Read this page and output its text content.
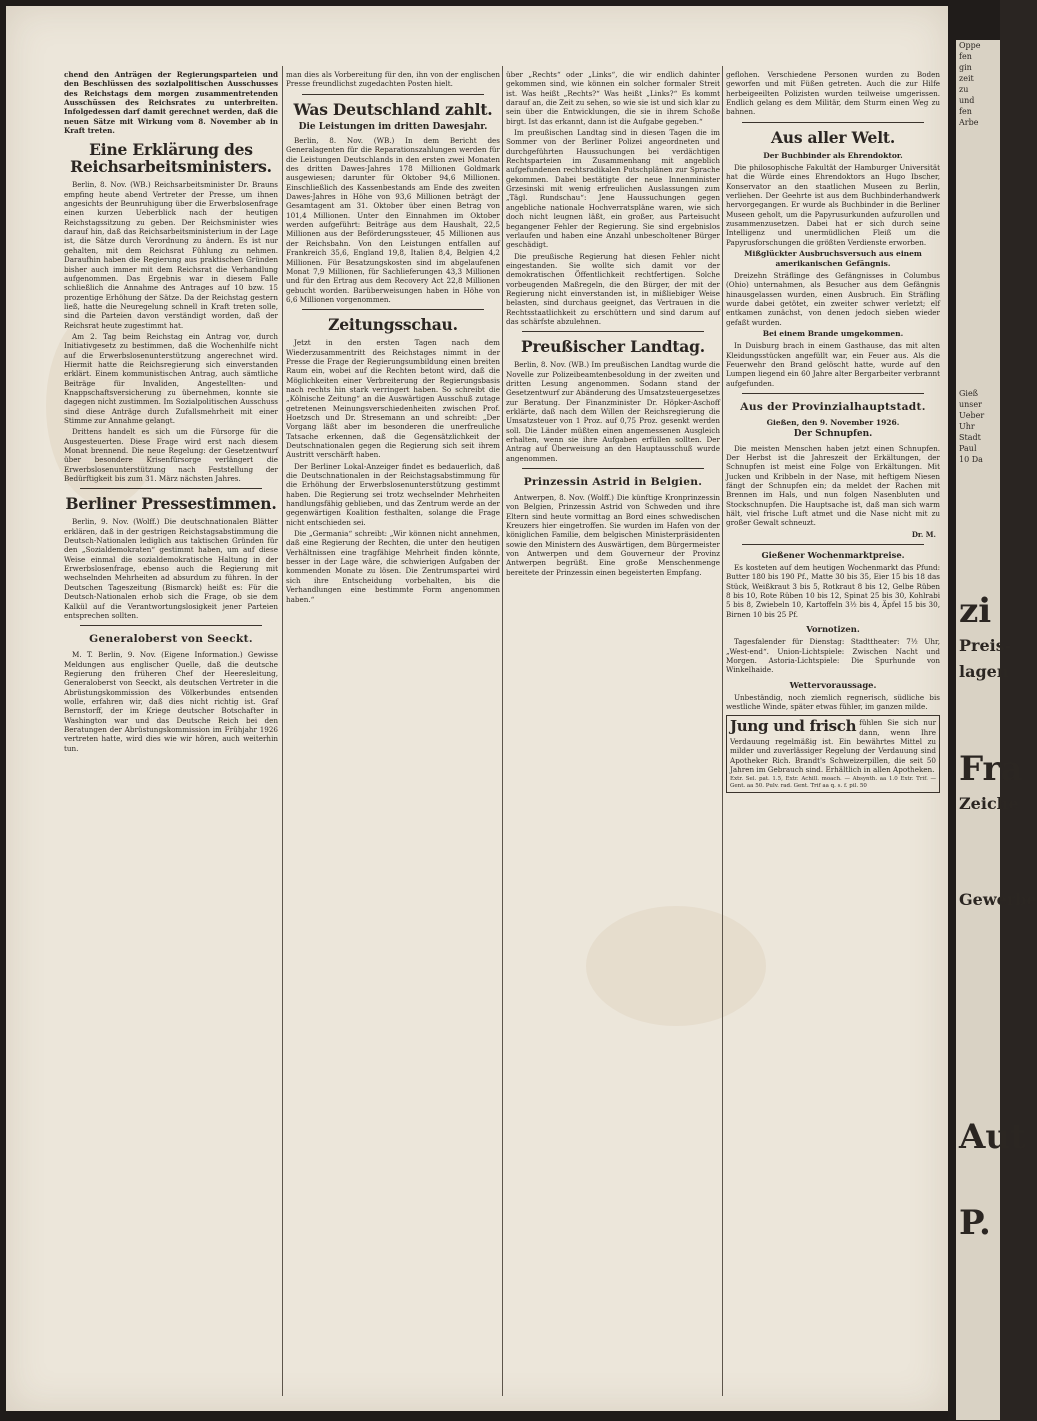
Oppe
fen
gin
zeit
zu
und
fen
Arbe
Gieß
unser
Ueber
Uhr
Stadt
Paul
10 Da
zi
Preis-
lagen
Fra
Zeiche
Gewerbe
Aut
P.

chend den Anträgen der Regierungsparteien und den Beschlüssen des sozialpolitischen Ausschusses des Reichstags dem morgen zusammentretenden Ausschüssen des Reichsrates zu unterbreiten. Infolgedessen darf damit gerechnet werden, daß die neuen Sätze mit Wirkung vom 8. November ab in Kraft treten.

Eine Erklärung des Reichsarbeitsministers.

Berlin, 8. Nov. (WB.) Reichsarbeitsminister Dr. Brauns empfing heute abend Vertreter der Presse, um ihnen angesichts der Beunruhigung über die Erwerbslosenfrage einen kurzen Ueberblick nach der heutigen Reichstagssitzung zu geben. Der Reichsminister wies darauf hin, daß das Reichsarbeitsministerium in der Lage ist, die Sätze durch Verordnung zu ändern. Es ist nur gehalten, mit dem Reichsrat Fühlung zu nehmen. Daraufhin haben die Regierung aus praktischen Gründen bisher auch immer mit dem Reichsrat die Verhandlung aufgenommen. Das Ergebnis war in diesem Falle schließlich die Annahme des Antrages auf 10 bzw. 15 prozentige Erhöhung der Sätze. Da der Reichstag gestern ließ, hatte die Neuregelung schnell in Kraft treten solle, sind die Parteien davon verständigt worden, daß der Reichsrat heute zugestimmt hat.

Am 2. Tag beim Reichstag ein Antrag vor, durch Initiativgesetz zu bestimmen, daß die Wochenhilfe nicht auf die Erwerbslosenunterstützung angerechnet wird. Hiermit hatte die Reichsregierung sich einverstanden erklärt. Einem kommunistischen Antrag, auch sämtliche Beiträge für Invaliden, Angestellten- und Knappschaftsversicherung zu übernehmen, konnte sie dagegen nicht zustimmen. Im Sozialpolitischen Ausschuss sind diese Anträge durch Zufallsmehrheit mit einer Stimme zur Annahme gelangt.

Drittens handelt es sich um die Fürsorge für die Ausgesteuerten. Diese Frage wird erst nach diesem Monat brennend. Die neue Regelung: der Gesetzentwurf über besondere Krisenfürsorge verlängert die Erwerbslosenunterstützung nach Feststellung der Bedürftigkeit bis zum 31. März nächsten Jahres.

Berliner Pressestimmen.

Berlin, 9. Nov. (Wolff.) Die deutschnationalen Blätter erklären, daß in der gestrigen Reichstagsabstimmung die Deutsch-Nationalen lediglich aus taktischen Gründen für den „Sozialdemokraten“ gestimmt haben, um auf diese Weise einmal die sozialdemokratische Haltung in der Erwerbslosenfrage, ebenso auch die Regierung mit wechselnden Mehrheiten ad absurdum zu führen. In der Deutschen Tageszeitung (Bismarck) heißt es: Für die Deutsch-Nationalen erhob sich die Frage, ob sie dem Kalkül auf die Verantwortungslosigkeit jener Parteien entsprechen sollten.

Generaloberst von Seeckt.

M. T. Berlin, 9. Nov. (Eigene Information.) Gewisse Meldungen aus englischer Quelle, daß die deutsche Regierung den früheren Chef der Heeresleitung, Generaloberst von Seeckt, als deutschen Vertreter in die Abrüstungskommission des Völkerbundes entsenden wolle, erfahren wir, daß dies nicht richtig ist. Graf Bernstorff, der im Kriege deutscher Botschafter in Washington war und das Deutsche Reich bei den Beratungen der Abrüstungskommission im Frühjahr 1926 vertreten hatte, wird dies wie wir hören, auch weiterhin tun.

man dies als Vorbereitung für den, ihn von der englischen Presse freundlichst zugedachten Posten hielt.

Was Deutschland zahlt.
Die Leistungen im dritten Dawesjahr.

Berlin, 8. Nov. (WB.) In dem Bericht des Generalagenten für die Reparationszahlungen werden für die Leistungen Deutschlands in den ersten zwei Monaten des dritten Dawes-Jahres 178 Millionen Goldmark ausgewiesen; darunter für Oktober 94,6 Millionen. Einschließlich des Kassenbestands am Ende des zweiten Dawes-Jahres in Höhe von 93,6 Millionen beträgt der Gesamtagent am 31. Oktober über einen Betrag von 101,4 Millionen. Unter den Einnahmen im Oktober werden aufgeführt: Beiträge aus dem Haushalt, 22,5 Millionen aus der Beförderungssteuer, 45 Millionen aus der Reichsbahn. Von den Leistungen entfallen auf Frankreich 35,6, England 19,8, Italien 8,4, Belgien 4,2 Millionen. Für Besatzungskosten sind im abgelaufenen Monat 7,9 Millionen, für Sachlieferungen 43,3 Millionen und für den Ertrag aus dem Recovery Act 22,8 Millionen gebucht worden. Barüberweisungen haben in Höhe von 6,6 Millionen vorgenommen.

Zeitungsschau.

Jetzt in den ersten Tagen nach dem Wiederzusammentritt des Reichstages nimmt in der Presse die Frage der Regierungsumbildung einen breiten Raum ein, wobei auf die Rechten betont wird, daß die Möglichkeiten einer Verbreiterung der Regierungsbasis nach rechts hin stark verringert haben. So schreibt die „Kölnische Zeitung“ an die Auswärtigen Ausschuß zutage getretenen Meinungsverschiedenheiten zwischen Prof. Hoetzsch und Dr. Stresemann an und schreibt: „Der Vorgang läßt aber im besonderen die unerfreuliche Tatsache erkennen, daß die Gegensätzlichkeit der Deutschnationalen gegen die Regierung sich seit ihrem Austritt verschärft haben.

Der Berliner Lokal-Anzeiger findet es bedauerlich, daß die Deutschnationalen in der Reichstagsabstimmung für die Erhöhung der Erwerbslosenunterstützung gestimmt haben. Die Regierung sei trotz wechselnder Mehrheiten handlungsfähig geblieben, und das Zentrum werde an der gegenwärtigen Koalition festhalten, solange die Frage nicht entschieden sei.

Die „Germania“ schreibt: „Wir können nicht annehmen, daß eine Regierung der Rechten, die unter den heutigen Verhältnissen eine tragfähige Mehrheit finden könnte, besser in der Lage wäre, die schwierigen Aufgaben der kommenden Monate zu lösen. Die Zentrumspartei wird sich ihre Entscheidung vorbehalten, bis die Verhandlungen eine bestimmte Form angenommen haben.“

über „Rechts“ oder „Links“, die wir endlich dahinter gekommen sind, wie können ein solcher formaler Streit ist. Was heißt „Rechts?“ Was heißt „Links?“ Es kommt darauf an, die Zeit zu sehen, so wie sie ist und sich klar zu sein über die Entwicklungen, die sie in ihrem Schoße birgt. Ist das erkannt, dann ist die Aufgabe gegeben.“

Im preußischen Landtag sind in diesen Tagen die im Sommer von der Berliner Polizei angeordneten und durchgeführten Haussuchungen bei verdächtigen Rechtsparteien im Zusammenhang mit angeblich aufgefundenen rechtsradikalen Putschplänen zur Sprache gekommen. Dabei bestätigte der neue Innenminister Grzesinski mit wenig erfreulichen Auslassungen zum „Tägl. Rundschau“: Jene Haussuchungen gegen angebliche nationale Hochverratspläne waren, wie sich doch nicht leugnen läßt, ein großer, aus Parteisucht begangener Fehler der Regierung. Sie sind ergebnislos verlaufen und haben eine Anzahl unbescholtener Bürger geschädigt.

Die preußische Regierung hat diesen Fehler nicht eingestanden. Sie wollte sich damit vor der demokratischen Öffentlichkeit rechtfertigen. Solche vorbeugenden Maßregeln, die den Bürger, der mit der Regierung nicht einverstanden ist, in mißliebiger Weise belasten, sind durchaus geeignet, das Vertrauen in die Rechtsstaatlichkeit zu erschüttern und sind darum auf das schärfste abzulehnen.

Preußischer Landtag.

Berlin, 8. Nov. (WB.) Im preußischen Landtag wurde die Novelle zur Polizeibeamtenbesoldung in der zweiten und dritten Lesung angenommen. Sodann stand der Gesetzentwurf zur Abänderung des Umsatzsteuergesetzes zur Beratung. Der Finanzminister Dr. Höpker-Aschoff erklärte, daß nach dem Willen der Reichsregierung die Umsatzsteuer von 1 Proz. auf 0,75 Proz. gesenkt werden soll. Die Länder müßten einen angemessenen Ausgleich erhalten, wenn sie ihre Aufgaben erfüllen sollten. Der Antrag auf Überweisung an den Hauptausschuß wurde angenommen.

Prinzessin Astrid in Belgien.

Antwerpen, 8. Nov. (Wolff.) Die künftige Kronprinzessin von Belgien, Prinzessin Astrid von Schweden und ihre Eltern sind heute vormittag an Bord eines schwedischen Kreuzers hier eingetroffen. Sie wurden im Hafen von der königlichen Familie, dem belgischen Ministerpräsidenten sowie den Ministern des Auswärtigen, dem Bürgermeister von Antwerpen und dem Gouverneur der Provinz Antwerpen begrüßt. Eine große Menschenmenge bereitete der Prinzessin einen begeisterten Empfang.

geflohen. Verschiedene Personen wurden zu Boden geworfen und mit Füßen getreten. Auch die zur Hilfe herbeigeeilten Polizisten wurden teilweise umgerissen. Endlich gelang es dem Militär, dem Sturm einen Weg zu bahnen.

Aus aller Welt.
Der Buchbinder als Ehrendoktor.

Die philosophische Fakultät der Hamburger Universität hat die Würde eines Ehrendoktors an Hugo Ibscher, Konservator an den staatlichen Museen zu Berlin, verliehen. Der Geehrte ist aus dem Buchbinderhandwerk hervorgegangen. Er wurde als Buchbinder in die Berliner Museen geholt, um die Papyrusurkunden aufzurollen und zusammenzusetzen. Dabei hat er sich durch seine Intelligenz und unermüdlichen Fleiß um die Papyrusforschungen die größten Verdienste erworben.

Mißglückter Ausbruchsversuch aus einem amerikanischen Gefängnis.

Dreizehn Sträflinge des Gefängnisses in Columbus (Ohio) unternahmen, als Besucher aus dem Gefängnis hinausgelassen wurden, einen Ausbruch. Ein Sträfling wurde dabei getötet, ein zweiter schwer verletzt; elf entkamen zunächst, von denen jedoch sieben wieder gefaßt wurden.

Bei einem Brande umgekommen.

In Duisburg brach in einem Gasthause, das mit alten Kleidungsstücken angefüllt war, ein Feuer aus. Als die Feuerwehr den Brand gelöscht hatte, wurde auf den Lumpen liegend ein 60 Jahre alter Bergarbeiter verbrannt aufgefunden.

Aus der Provinzialhauptstadt.
Gießen, den 9. November 1926.
Der Schnupfen.

Die meisten Menschen haben jetzt einen Schnupfen. Der Herbst ist die Jahreszeit der Erkältungen, der Schnupfen ist meist eine Folge von Erkältungen. Mit Jucken und Kribbeln in der Nase, mit heftigem Niesen fängt der Schnupfen ein; da meldet der Rachen mit Brennen im Hals, und nun folgen Nasenbluten und Stockschnupfen. Die Hauptsache ist, daß man sich warm hält, viel frische Luft atmet und die Nase nicht mit zu großer Gewalt schneuzt.

Dr. M.
Gießener Wochenmarktpreise.

Es kosteten auf dem heutigen Wochenmarkt das Pfund: Butter 180 bis 190 Pf., Matte 30 bis 35, Eier 15 bis 18 das Stück, Weißkraut 3 bis 5, Rotkraut 8 bis 12, Gelbe Rüben 8 bis 10, Rote Rüben 10 bis 12, Spinat 25 bis 30, Kohlrabi 5 bis 8, Zwiebeln 10, Kartoffeln 3½ bis 4, Äpfel 15 bis 30, Birnen 10 bis 25 Pf.

Vornotizen.

Tagesfalender für Dienstag: Stadttheater: 7½ Uhr, „West-end“. Union-Lichtspiele: Zwischen Nacht und Morgen. Astoria-Lichtspiele: Die Spurhunde von Winkelhaide.

Wettervoraussage.

Unbeständig, noch ziemlich regnerisch, südliche bis westliche Winde, später etwas fühler, im ganzen milde.

Jung und frisch fühlen Sie sich nur dann, wenn Ihre Verdauung regelmäßig ist. Ein bewährtes Mittel zu milder und zuverlässiger Regelung der Verdauung sind Apotheker Rich. Brandt's Schweizerpillen, die seit 50 Jahren im Gebrauch sind. Erhältlich in allen Apotheken.
Extr. Sel. pat. 1.5, Extr. Achill. moach. — Absynth. aa 1.0 Extr. Trif. — Gent. aa 50. Pulv. rad. Gent. Trif aa q. s. f. pil. 50
